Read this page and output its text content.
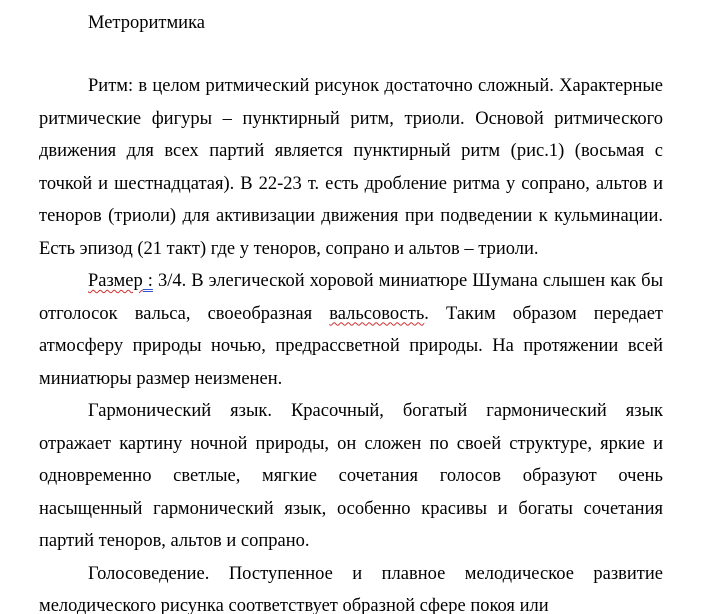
Метроритмика

Ритм: в целом ритмический рисунок достаточно сложный. Характерные ритмические фигуры – пунктирный ритм, триоли. Основой ритмического движения для всех партий является пунктирный ритм (рис.1) (восьмая с точкой и шестнадцатая). В 22-23 т. есть дробление ритма у сопрано, альтов и теноров (триоли) для активизации движения при подведении к кульминации. Есть эпизод (21 такт) где у теноров, сопрано и альтов – триоли.

Размер : 3/4. В элегической хоровой миниатюре Шумана слышен как бы отголосок вальса, своеобразная вальсовость. Таким образом передает атмосферу природы ночью, предрассветной природы. На протяжении всей миниатюры размер неизменен.

Гармонический язык. Красочный, богатый гармонический язык отражает картину ночной природы, он сложен по своей структуре, яркие и одновременно светлые, мягкие сочетания голосов образуют очень насыщенный гармонический язык, особенно красивы и богаты сочетания партий теноров, альтов и сопрано.

Голосоведение. Поступенное и плавное мелодическое развитие мелодического рисунка соответствует образной сфере покоя или
